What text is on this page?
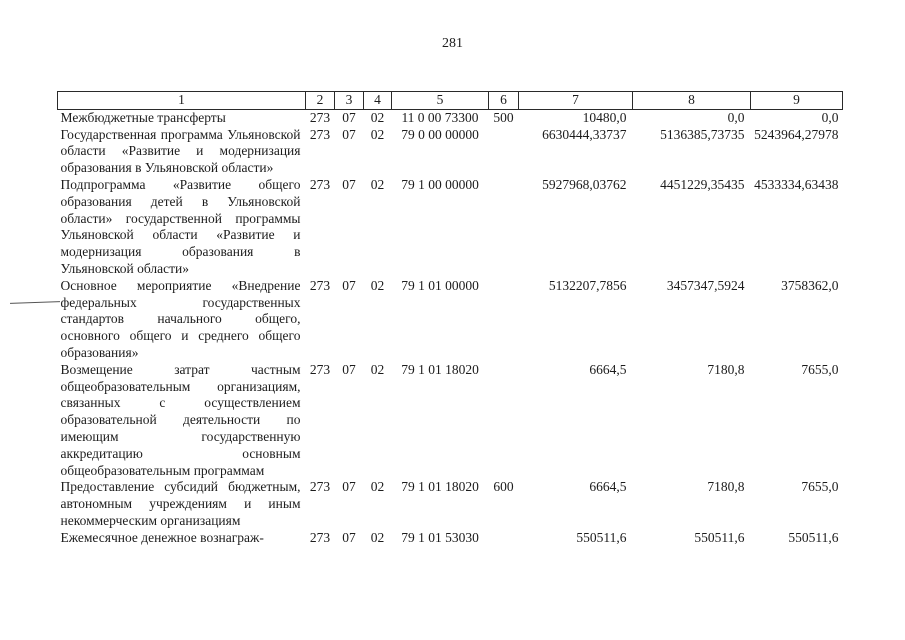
281
1	2	3	4	5	6	7	8	9
Межбюджетные трансферты	273	07	02	11 0 00 73300	500	10480,0	0,0	0,0
Государственная программа Ульяновской области «Развитие и модернизация образования в Ульяновской области»	273	07	02	79 0 00 00000		6630444,33737	5136385,73735	5243964,27978
Подпрограмма «Развитие общего образования детей в Ульяновской области» государственной программы Ульяновской области «Развитие и модернизация образования в Ульяновской области»	273	07	02	79 1 00 00000		5927968,03762	4451229,35435	4533334,63438
Основное мероприятие «Внедрение федеральных государственных стандартов начального общего, основного общего и среднего общего образования»	273	07	02	79 1 01 00000		5132207,7856	3457347,5924	3758362,0
Возмещение затрат частным общеобразовательным организациям, связанных с осуществлением образовательной деятельности по имеющим государственную аккредитацию основным общеобразовательным программам	273	07	02	79 1 01 18020		6664,5	7180,8	7655,0
Предоставление субсидий бюджетным, автономным учреждениям и иным некоммерческим организациям	273	07	02	79 1 01 18020	600	6664,5	7180,8	7655,0
Ежемесячное денежное вознаграж-	273	07	02	79 1 01 53030		550511,6	550511,6	550511,6
